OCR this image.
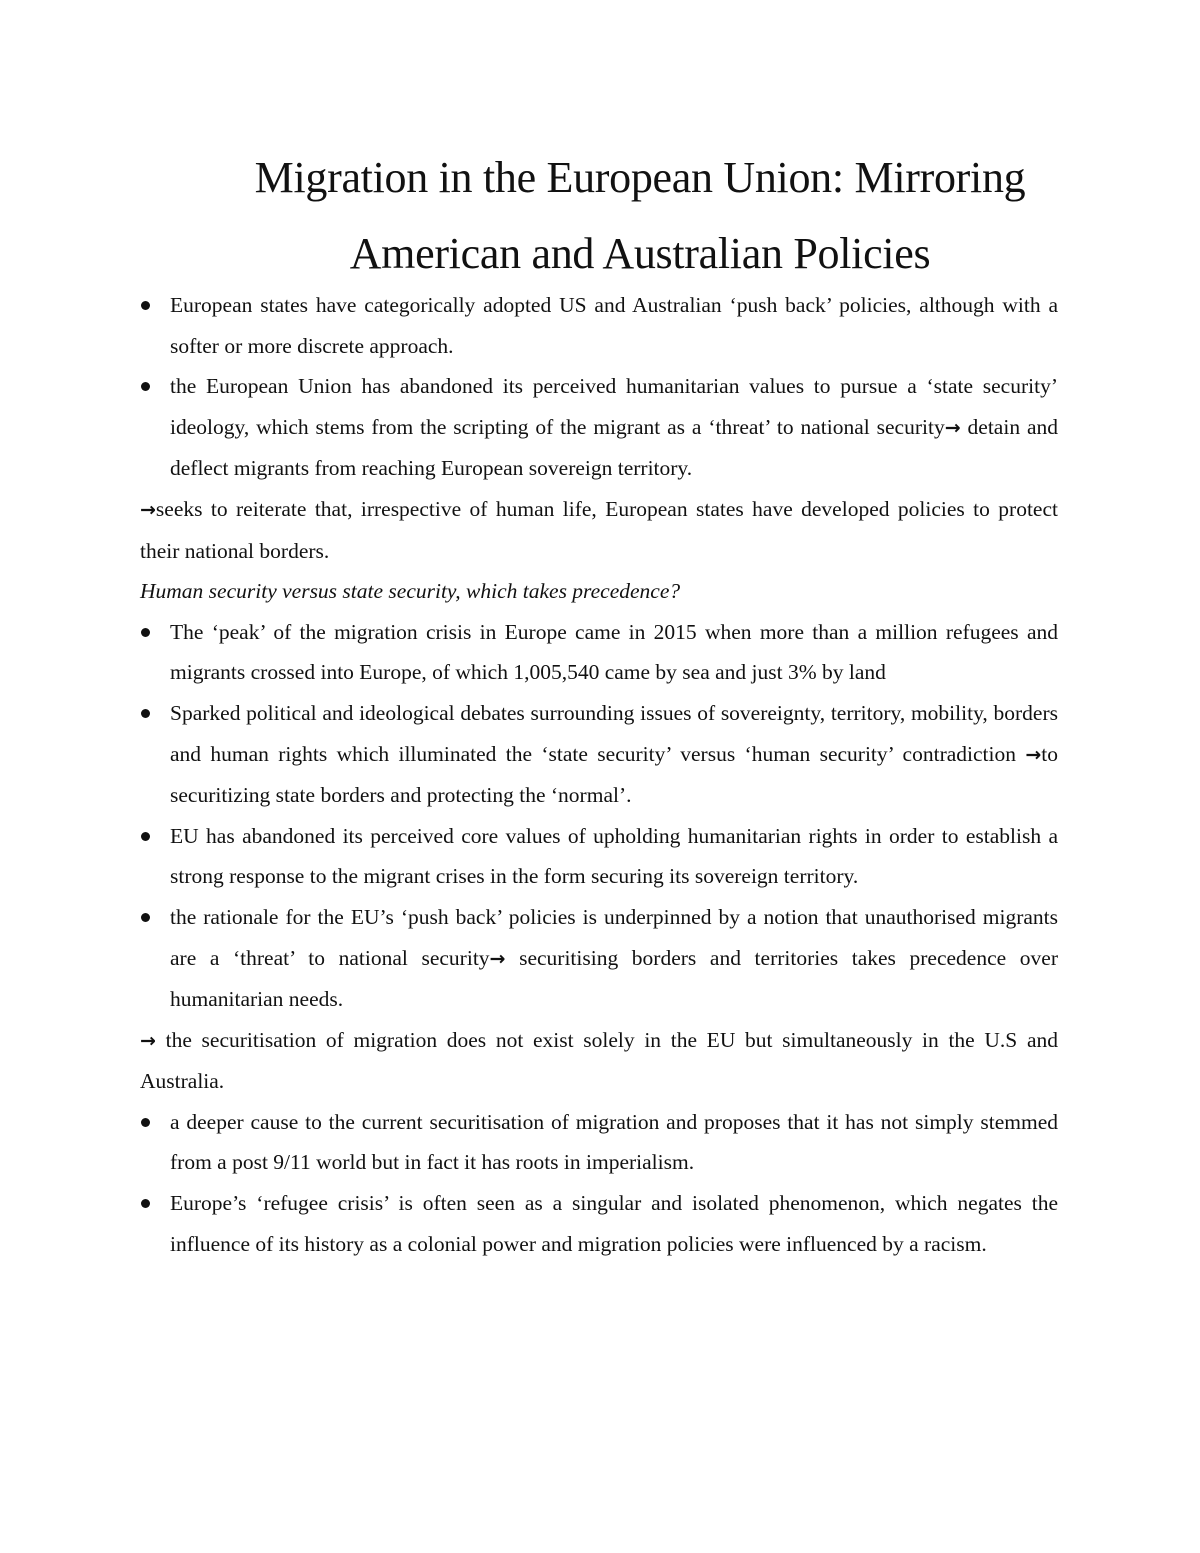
Migration in the European Union: Mirroring
American and Australian Policies
European states have categorically adopted US and Australian ‘push back’ policies, although with a softer or more discrete approach.
the European Union has abandoned its perceived humanitarian values to pursue a ‘state security’ ideology, which stems from the scripting of the migrant as a ‘threat’ to national security→ detain and deflect migrants from reaching European sovereign territory.
→seeks to reiterate that, irrespective of human life, European states have developed policies to protect their national borders.
Human security versus state security, which takes precedence?
The ‘peak’ of the migration crisis in Europe came in 2015 when more than a million refugees and migrants crossed into Europe, of which 1,005,540 came by sea and just 3% by land
Sparked political and ideological debates surrounding issues of sovereignty, territory, mobility, borders and human rights which illuminated the ‘state security’ versus ‘human security’ contradiction →to securitizing state borders and protecting the ‘normal’.
EU has abandoned its perceived core values of upholding humanitarian rights in order to establish a strong response to the migrant crises in the form securing its sovereign territory.
the rationale for the EU’s ‘push back’ policies is underpinned by a notion that unauthorised migrants are a ‘threat’ to national security→ securitising borders and territories takes precedence over humanitarian needs.
→ the securitisation of migration does not exist solely in the EU but simultaneously in the U.S and Australia.
a deeper cause to the current securitisation of migration and proposes that it has not simply stemmed from a post 9/11 world but in fact it has roots in imperialism.
Europe’s ‘refugee crisis’ is often seen as a singular and isolated phenomenon, which negates the influence of its history as a colonial power and migration policies were influenced by a racism.
